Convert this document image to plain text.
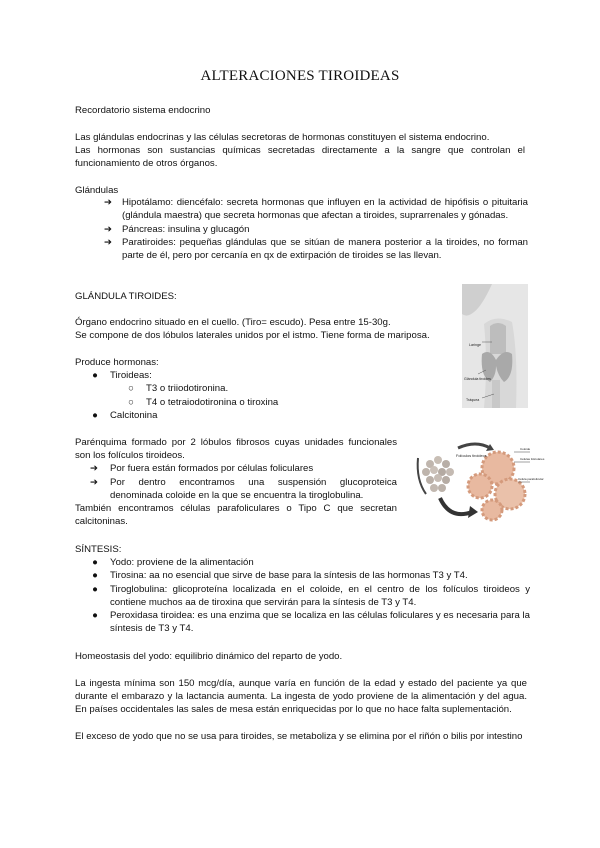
ALTERACIONES TIROIDEAS
Recordatorio sistema endocrino
Las glándulas endocrinas y las células secretoras de hormonas constituyen el sistema endocrino.
Las hormonas son sustancias químicas secretadas directamente a la sangre que controlan el funcionamiento de otros órganos.
Glándulas
➔ Hipotálamo: diencéfalo: secreta hormonas que influyen en la actividad de hipófisis o pituitaria (glándula maestra) que secreta hormonas que afectan a tiroides, suprarrenales y gónadas.
➔ Páncreas: insulina y glucagón
➔ Paratiroides: pequeñas glándulas que se sitúan de manera posterior a la tiroides, no forman parte de él, pero por cercanía en qx de extirpación de tiroides se las llevan.
GLÁNDULA TIROIDES:
Órgano endocrino situado en el cuello. (Tiro= escudo). Pesa entre 15-30g.
Se compone de dos lóbulos laterales unidos por el istmo. Tiene forma de mariposa.
Produce hormonas:
●	Tiroideas:
○	T3 o triiodotironina.
○	T4 o tetraiodotironina o tiroxina
●	Calcitonina
Parénquima formado por 2 lóbulos fibrosos cuyas unidades funcionales son los folículos tiroideos.
➔ Por fuera están formados por células foliculares
➔ Por dentro encontramos una suspensión glucoproteica denominada coloide en la que se encuentra la tiroglobulina.
También encontramos células parafoliculares o Tipo C que secretan calcitoninas.
SÍNTESIS:
●	Yodo: proviene de la alimentación
●	Tirosina: aa no esencial que sirve de base para la síntesis de las hormonas T3 y T4.
●	Tiroglobulina: glicoproteína localizada en el coloide, en el centro de los folículos tiroideos y contiene muchos aa de tiroxina que servirán para la síntesis de T3 y T4.
●	Peroxidasa tiroidea: es una enzima que se localiza en las células foliculares y es necesaria para la síntesis de T3 y T4.
Homeostasis del yodo: equilibrio dinámico del reparto de yodo.
La ingesta mínima son 150 mcg/día, aunque varía en función de la edad y estado del paciente ya que durante el embarazo y la lactancia aumenta. La ingesta de yodo proviene de la alimentación y del agua. En países occidentales las sales de mesa están enriquecidas por lo que no hace falta suplementación.
El exceso de yodo que no se usa para tiroides, se metaboliza y se elimina por el riñón o bilis por intestino
Laringe
Glándula tiroides
Tráquea
Folículos tiroideos
Coloide
Células foliculares
Célula parafolicular
